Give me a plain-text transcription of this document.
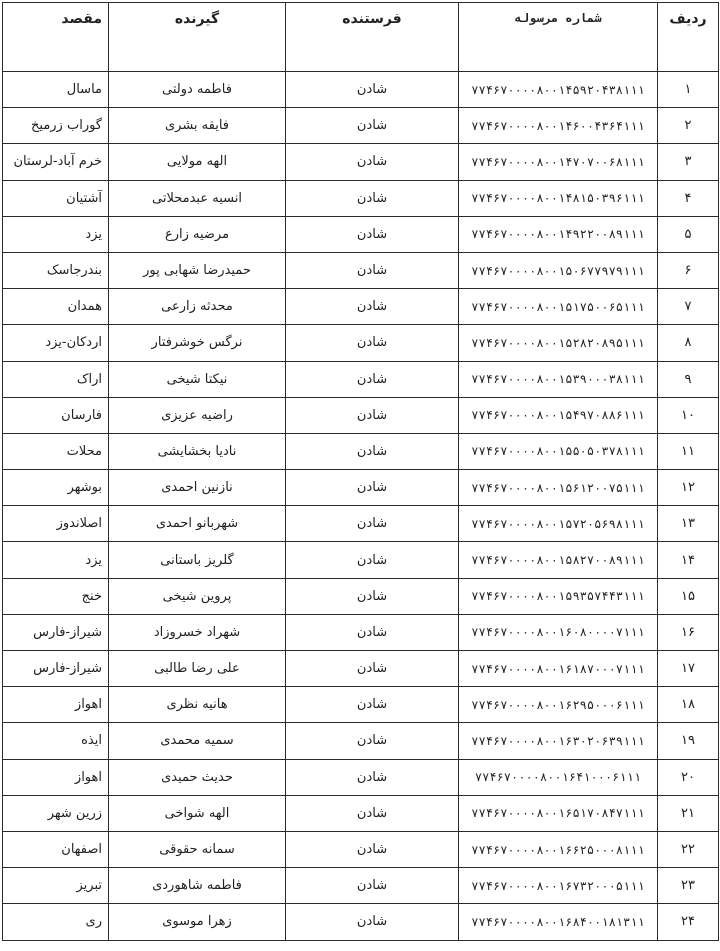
ردیف	شماره مرسوله	فرستنده	گیرنده	مقصد
۱	۷۷۴۶۷۰۰۰۰۸۰۰۱۴۵۹۲۰۴۳۸۱۱۱	شادن	فاطمه دولتی	ماسال
۲	۷۷۴۶۷۰۰۰۰۸۰۰۱۴۶۰۰۴۳۶۴۱۱۱	شادن	فایقه بشری	گوراب زرمیخ
۳	۷۷۴۶۷۰۰۰۰۸۰۰۱۴۷۰۷۰۰۶۸۱۱۱	شادن	الهه مولایی	خرم آباد-لرستان
۴	۷۷۴۶۷۰۰۰۰۸۰۰۱۴۸۱۵۰۳۹۶۱۱۱	شادن	انسیه عبدمحلاتی	آشتیان
۵	۷۷۴۶۷۰۰۰۰۸۰۰۱۴۹۲۲۰۰۸۹۱۱۱	شادن	مرضیه زارع	یزد
۶	۷۷۴۶۷۰۰۰۰۸۰۰۱۵۰۶۷۷۹۷۹۱۱۱	شادن	حمیدرضا شهابی پور	بندرجاسک
۷	۷۷۴۶۷۰۰۰۰۸۰۰۱۵۱۷۵۰۰۶۵۱۱۱	شادن	محدثه زارعی	همدان
۸	۷۷۴۶۷۰۰۰۰۸۰۰۱۵۲۸۲۰۸۹۵۱۱۱	شادن	نرگس خوشرفتار	اردکان-یزد
۹	۷۷۴۶۷۰۰۰۰۸۰۰۱۵۳۹۰۰۰۳۸۱۱۱	شادن	نیکتا شیخی	اراک
۱۰	۷۷۴۶۷۰۰۰۰۸۰۰۱۵۴۹۷۰۸۸۶۱۱۱	شادن	راضیه عزیزی	فارسان
۱۱	۷۷۴۶۷۰۰۰۰۸۰۰۱۵۵۰۵۰۳۷۸۱۱۱	شادن	نادیا بخشایشی	محلات
۱۲	۷۷۴۶۷۰۰۰۰۸۰۰۱۵۶۱۲۰۰۷۵۱۱۱	شادن	نازنین احمدی	بوشهر
۱۳	۷۷۴۶۷۰۰۰۰۸۰۰۱۵۷۲۰۵۶۹۸۱۱۱	شادن	شهربانو احمدی	اصلاندوز
۱۴	۷۷۴۶۷۰۰۰۰۸۰۰۱۵۸۲۷۰۰۸۹۱۱۱	شادن	گلریز باستانی	یزد
۱۵	۷۷۴۶۷۰۰۰۰۸۰۰۱۵۹۳۵۷۴۴۳۱۱۱	شادن	پروین شیخی	خنج
۱۶	۷۷۴۶۷۰۰۰۰۸۰۰۱۶۰۸۰۰۰۰۷۱۱۱	شادن	شهراد خسروزاد	شیراز-فارس
۱۷	۷۷۴۶۷۰۰۰۰۸۰۰۱۶۱۸۷۰۰۰۷۱۱۱	شادن	علی رضا طالبی	شیراز-فارس
۱۸	۷۷۴۶۷۰۰۰۰۸۰۰۱۶۲۹۵۰۰۰۶۱۱۱	شادن	هانیه نظری	اهواز
۱۹	۷۷۴۶۷۰۰۰۰۸۰۰۱۶۳۰۲۰۶۳۹۱۱۱	شادن	سمیه محمدی	ایذه
۲۰	۷۷۴۶۷۰۰۰۰۸۰۰۱۶۴۱۰۰۰۶۱۱۱	شادن	حدیث حمیدی	اهواز
۲۱	۷۷۴۶۷۰۰۰۰۸۰۰۱۶۵۱۷۰۸۴۷۱۱۱	شادن	الهه شواخی	زرین شهر
۲۲	۷۷۴۶۷۰۰۰۰۸۰۰۱۶۶۲۵۰۰۰۸۱۱۱	شادن	سمانه حقوقی	اصفهان
۲۳	۷۷۴۶۷۰۰۰۰۸۰۰۱۶۷۳۲۰۰۰۵۱۱۱	شادن	فاطمه شاهوردی	تبریز
۲۴	۷۷۴۶۷۰۰۰۰۸۰۰۱۶۸۴۰۰۱۸۱۳۱۱	شادن	زهرا موسوی	ری
